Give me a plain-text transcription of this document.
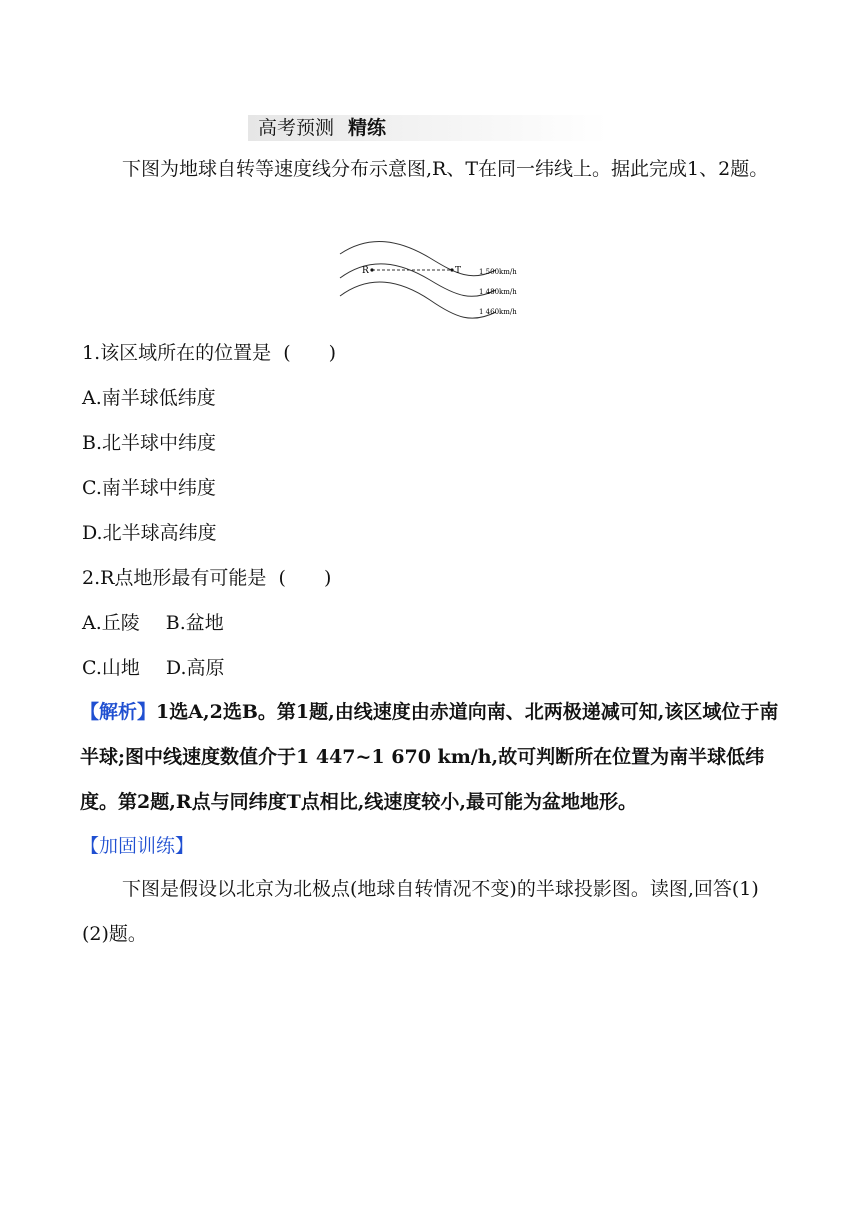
高考预测 精练

下图为地球自转等速度线分布示意图,R、T在同一纬线上。据此完成1、2题。

R	T	1 500km/h
1 480km/h
1 460km/h
1.该区域所在的位置是 (　　)
A.南半球低纬度
B.北半球中纬度
C.南半球中纬度
D.北半球高纬度
2.R点地形最有可能是 (　　)
A.丘陵 B.盆地
C.山地 D.高原

【解析】1选A,2选B。第1题,由线速度由赤道向南、北两极递减可知,该区域位于南半球;图中线速度数值介于1 447~1 670 km/h,故可判断所在位置为南半球低纬度。第2题,R点与同纬度T点相比,线速度较小,最可能为盆地地形。

【加固训练】

下图是假设以北京为北极点(地球自转情况不变)的半球投影图。读图,回答(1)(2)题。
